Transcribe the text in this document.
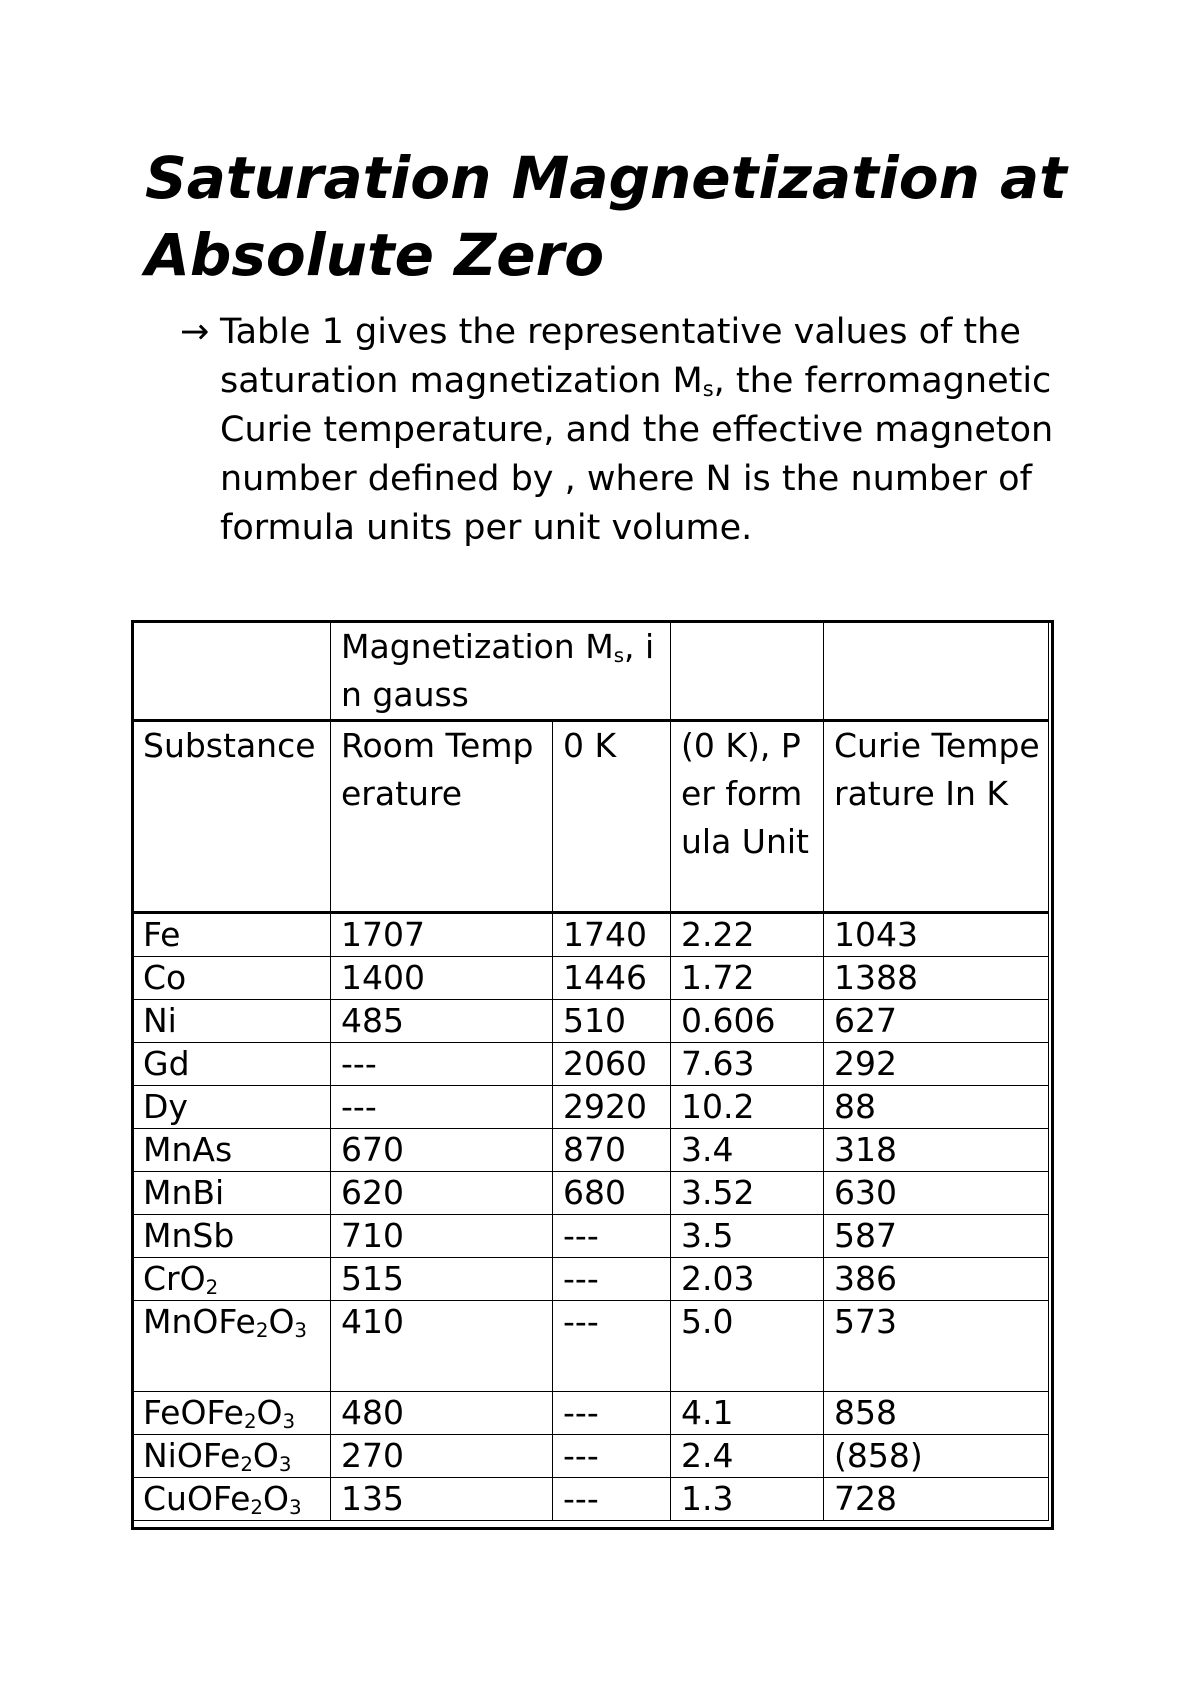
Saturation Magnetization at Absolute Zero
→ Table 1 gives the representative values of the saturation magnetization $M_s$, the ferromagnetic Curie temperature, and the effective magneton number defined by , where N is the number of formula units per unit volume.
	Magnetization $M_s$, in gauss			
Substance	Room Temperature	0 K	(0 K), Per formula Unit	Curie Temperature In K
Fe	1707	1740	2.22	1043
Co	1400	1446	1.72	1388
Ni	485	510	0.606	627
Gd	---	2060	7.63	292
Dy	---	2920	10.2	88
MnAs	670	870	3.4	318
MnBi	620	680	3.52	630
MnSb	710	---	3.5	587
CrO$_2$	515	---	2.03	386
$MnOFe_2O_3$	410	---	5.0	573
$FeOFe_2O_3$	480	---	4.1	858
$NiOFe_2O_3$	270	---	2.4	(858)
$CuOFe_2O_3$	135	---	1.3	728
